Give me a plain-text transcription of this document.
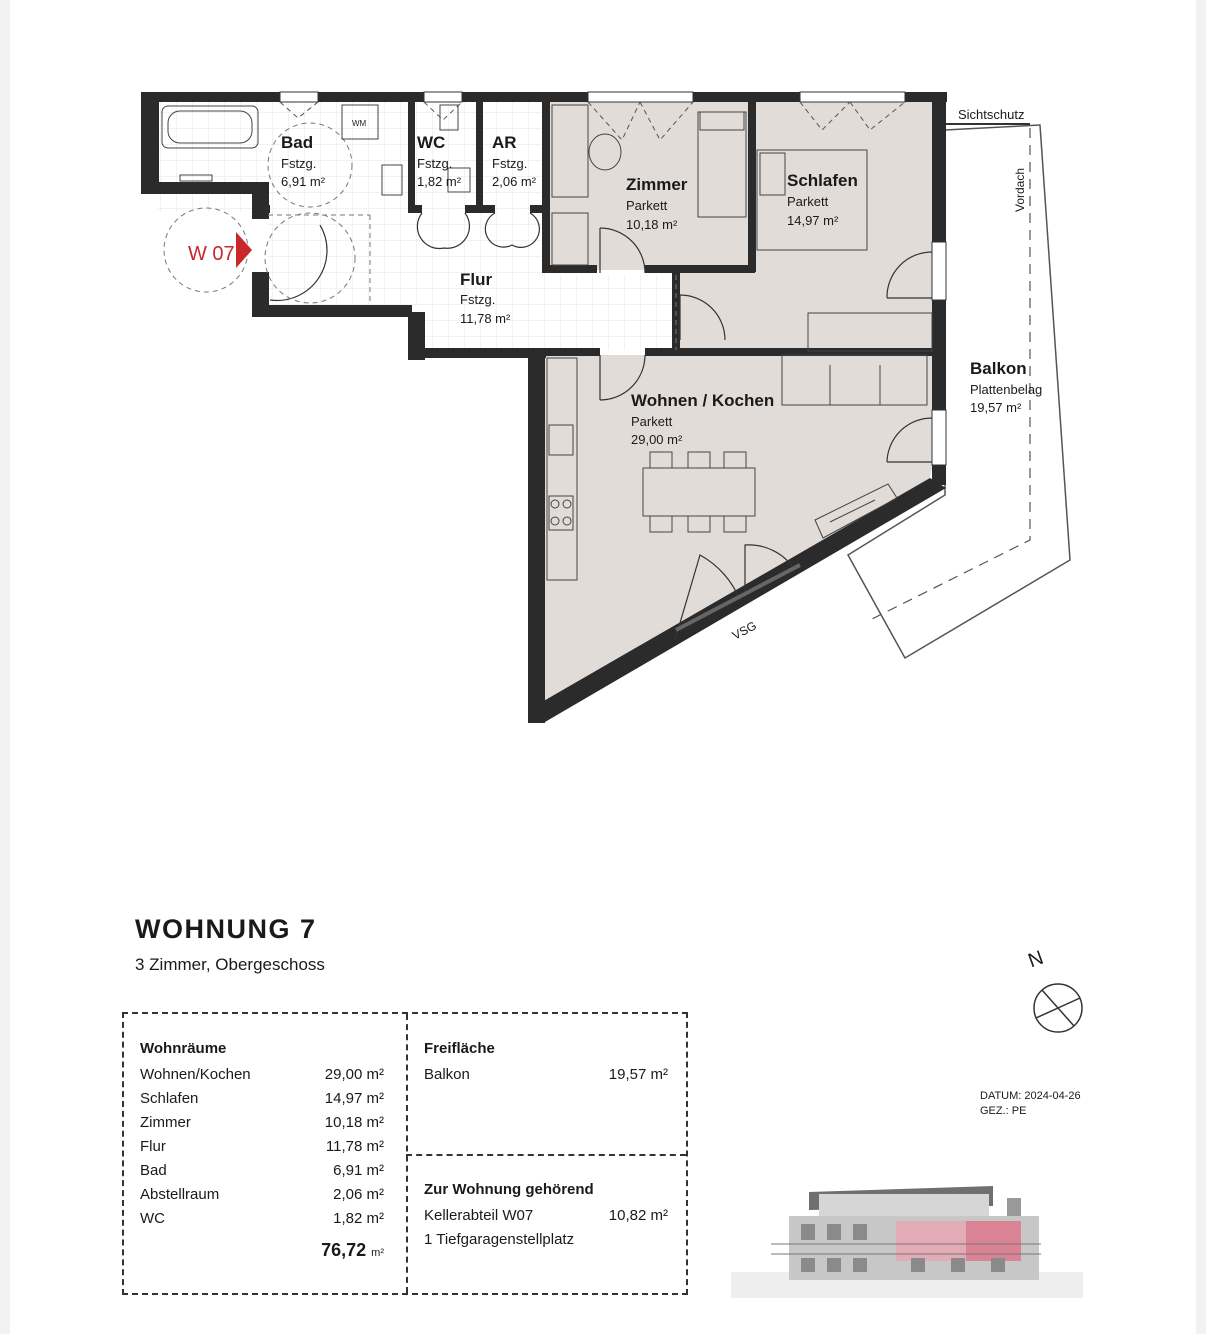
Bad
Fstzg.
6,91 m²
WM
WC
Fstzg.
1,82 m²
AR
Fstzg.
2,06 m²	Zimmer
Parkett
10,18 m²
Schlafen
Parkett
14,97 m²
Flur
Fstzg.
11,78 m²
Wohnen / Kochen
Parkett
29,00 m²
Balkon
Plattenbelag
19,57 m²
Sichtschutz
Vordach
VSG
W 07
WOHNUNG 7
3 Zimmer, Obergeschoss
Wohnräume
Wohnen/Kochen	29,00 m²
Schlafen	14,97 m²
Zimmer	10,18 m²
Flur	11,78 m²
Bad	6,91 m²
Abstellraum	2,06 m²
WC	1,82 m²
76,72 m²
Freifläche
Balkon	19,57 m²
Zur Wohnung gehörend
Kellerabteil W07	10,82 m²
1 Tiefgaragenstellplatz
N
DATUM: 2024-04-26
GEZ.: PE
